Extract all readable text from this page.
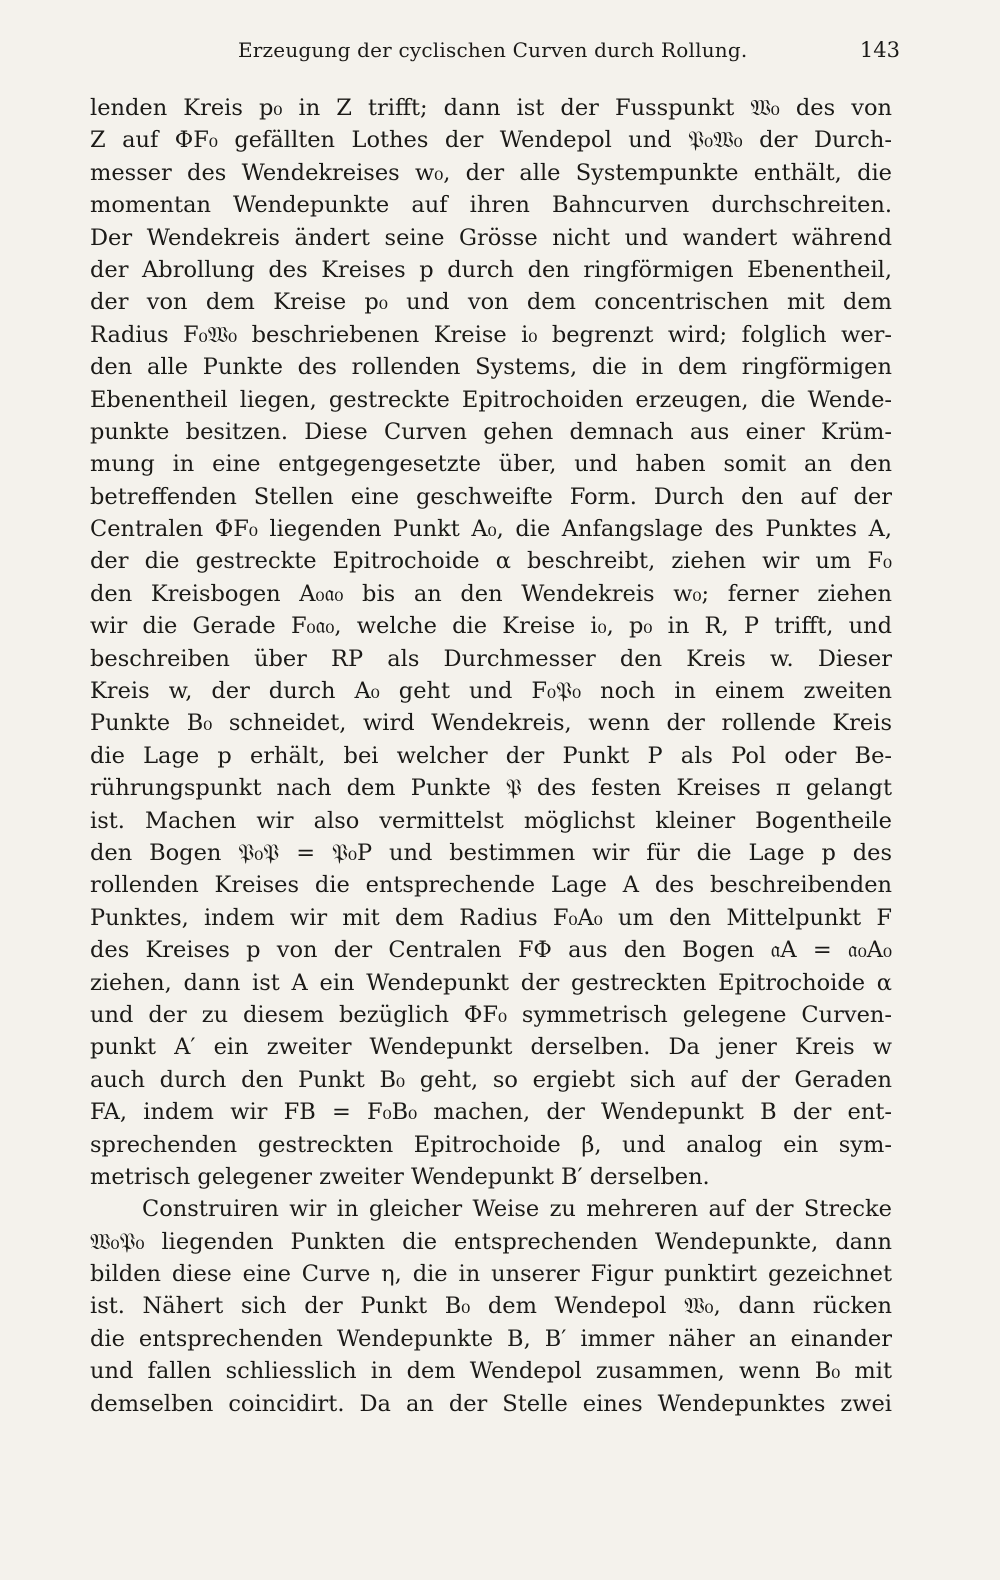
Erzeugung der cyclischen Curven durch Rollung.	143
lenden Kreis p₀ in Z trifft; dann ist der Fusspunkt 𝔚₀ des von
Z auf ΦF₀ gefällten Lothes der Wendepol und 𝔓₀𝔚₀ der Durch-
messer des Wendekreises w₀, der alle Systempunkte enthält, die
momentan Wendepunkte auf ihren Bahncurven durchschreiten.
Der Wendekreis ändert seine Grösse nicht und wandert während
der Abrollung des Kreises p durch den ringförmigen Ebenentheil,
der von dem Kreise p₀ und von dem concentrischen mit dem
Radius F₀𝔚₀ beschriebenen Kreise i₀ begrenzt wird; folglich wer-
den alle Punkte des rollenden Systems, die in dem ringförmigen
Ebenentheil liegen, gestreckte Epitrochoiden erzeugen, die Wende-
punkte besitzen. Diese Curven gehen demnach aus einer Krüm-
mung in eine entgegengesetzte über, und haben somit an den
betreffenden Stellen eine geschweifte Form. Durch den auf der
Centralen ΦF₀ liegenden Punkt A₀, die Anfangslage des Punktes A,
der die gestreckte Epitrochoide α beschreibt, ziehen wir um F₀
den Kreisbogen A₀𝔞₀ bis an den Wendekreis w₀; ferner ziehen
wir die Gerade F₀𝔞₀, welche die Kreise i₀, p₀ in R, P trifft, und
beschreiben über RP als Durchmesser den Kreis w. Dieser
Kreis w, der durch A₀ geht und F₀𝔓₀ noch in einem zweiten
Punkte B₀ schneidet, wird Wendekreis, wenn der rollende Kreis
die Lage p erhält, bei welcher der Punkt P als Pol oder Be-
rührungspunkt nach dem Punkte 𝔓 des festen Kreises π gelangt
ist. Machen wir also vermittelst möglichst kleiner Bogentheile
den Bogen 𝔓₀𝔓 = 𝔓₀P und bestimmen wir für die Lage p des
rollenden Kreises die entsprechende Lage A des beschreibenden
Punktes, indem wir mit dem Radius F₀A₀ um den Mittelpunkt F
des Kreises p von der Centralen FΦ aus den Bogen 𝔞A = 𝔞₀A₀
ziehen, dann ist A ein Wendepunkt der gestreckten Epitrochoide α
und der zu diesem bezüglich ΦF₀ symmetrisch gelegene Curven-
punkt A′ ein zweiter Wendepunkt derselben. Da jener Kreis w
auch durch den Punkt B₀ geht, so ergiebt sich auf der Geraden
FA, indem wir FB = F₀B₀ machen, der Wendepunkt B der ent-
sprechenden gestreckten Epitrochoide β, und analog ein sym-
metrisch gelegener zweiter Wendepunkt B′ derselben.
Construiren wir in gleicher Weise zu mehreren auf der Strecke
𝔚₀𝔓₀ liegenden Punkten die entsprechenden Wendepunkte, dann
bilden diese eine Curve η, die in unserer Figur punktirt gezeichnet
ist. Nähert sich der Punkt B₀ dem Wendepol 𝔚₀, dann rücken
die entsprechenden Wendepunkte B, B′ immer näher an einander
und fallen schliesslich in dem Wendepol zusammen, wenn B₀ mit
demselben coincidirt. Da an der Stelle eines Wendepunktes zwei
